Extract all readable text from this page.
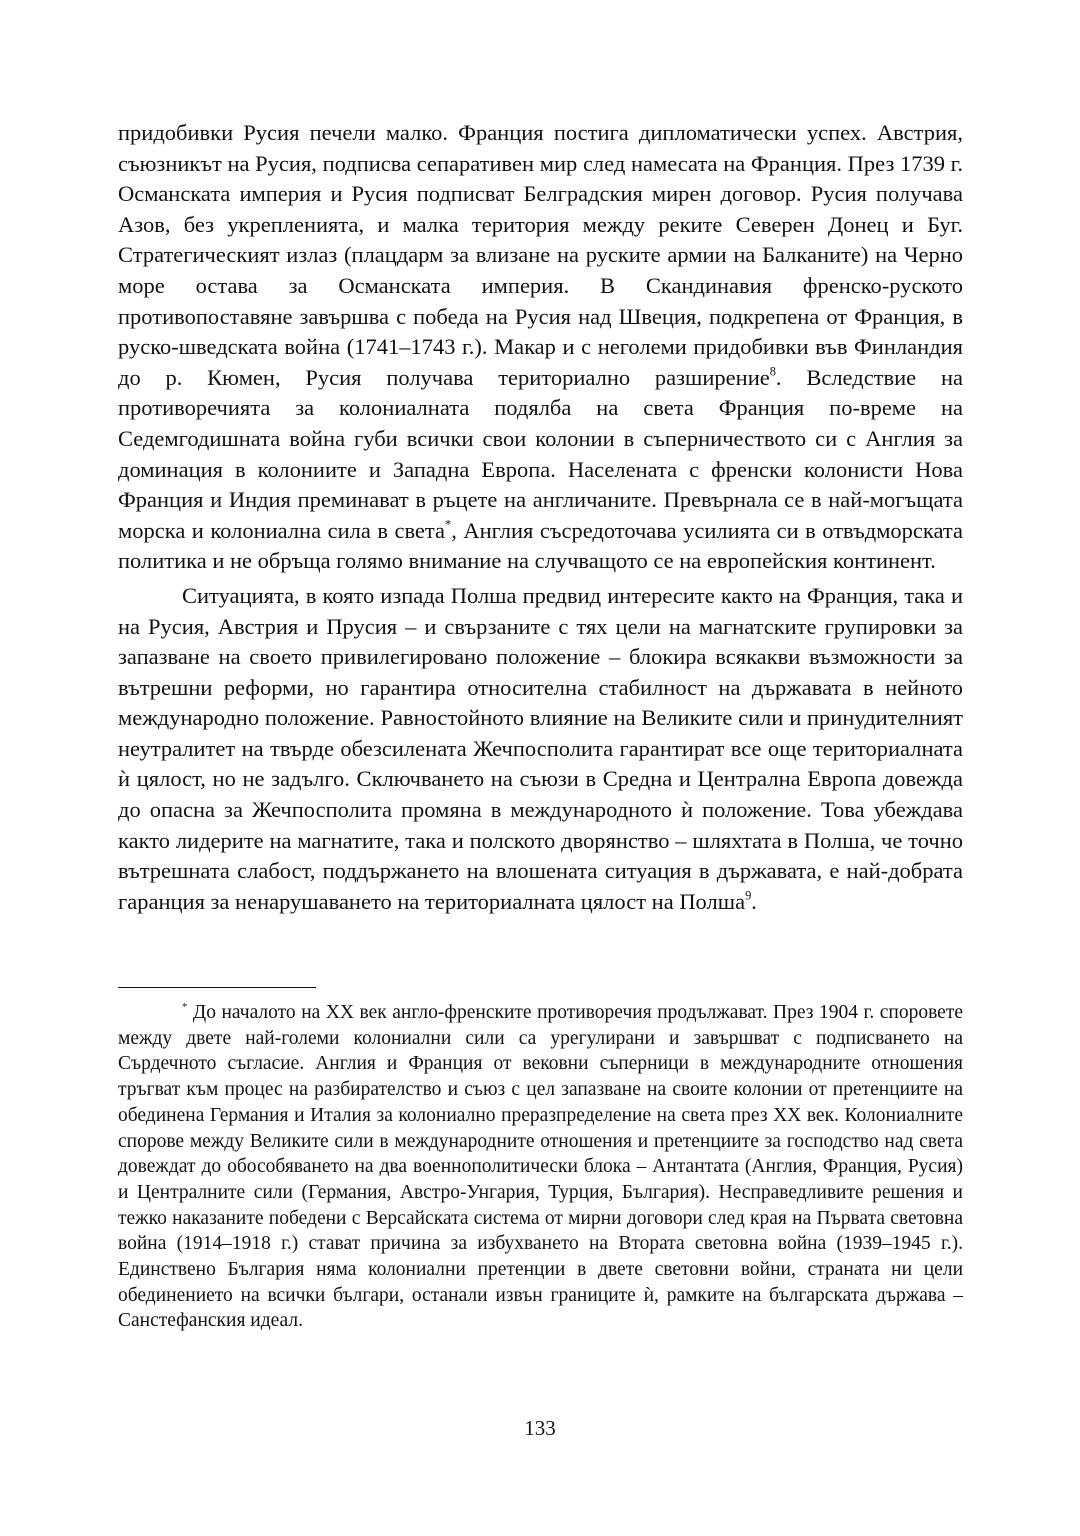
придобивки Русия печели малко. Франция постига дипломатически успех. Австрия, съюзникът на Русия, подписва сепаративен мир след намесата на Франция. През 1739 г. Османската империя и Русия подписват Белградския мирен договор. Русия получава Азов, без укрепленията, и малка територия между реките Северен Донец и Буг. Стратегическият излаз (плацдарм за влизане на руските армии на Балканите) на Черно море остава за Османската империя. В Скандинавия френско-руското противопоставяне завършва с победа на Русия над Швеция, подкрепена от Франция, в руско-шведската война (1741–1743 г.). Макар и с неголеми придобивки във Финландия до р. Кюмен, Русия получава териториално разширение$^8$. Вследствие на противоречията за колониалната подялба на света Франция по-време на Седемгодишната война губи всички свои колонии в съперничеството си с Англия за доминация в колониите и Западна Европа. Населената с френски колонисти Нова Франция и Индия преминават в ръцете на англичаните. Превърнала се в най-могъщата морска и колониална сила в света*, Англия съсредоточава усилията си в отвъдморската политика и не обръща голямо внимание на случващото се на европейския континент.

Ситуацията, в която изпада Полша предвид интересите както на Франция, така и на Русия, Австрия и Прусия – и свързаните с тях цели на магнатските групировки за запазване на своето привилегировано положение – блокира всякакви възможности за вътрешни реформи, но гарантира относителна стабилност на държавата в нейното международно положение. Равностойното влияние на Великите сили и принудителният неутралитет на твърде обезсилената Жечпосполита гарантират все още териториалната ѝ цялост, но не задълго. Сключването на съюзи в Средна и Централна Европа довежда до опасна за Жечпосполита промяна в международното ѝ положение. Това убеждава както лидерите на магнатите, така и полското дворянство – шляхтата в Полша, че точно вътрешната слабост, поддържането на влошената ситуация в държавата, е най-добрата гаранция за ненарушаването на териториалната цялост на Полша$^9$.

* До началото на XX век англо-френските противоречия продължават. През 1904 г. споровете между двете най-големи колониални сили са урегулирани и завършват с подписването на Сърдечното съгласие. Англия и Франция от вековни съперници в международните отношения тръгват към процес на разбирателство и съюз с цел запазване на своите колонии от претенциите на обединена Германия и Италия за колониално преразпределение на света през XX век. Колониалните спорове между Великите сили в международните отношения и претенциите за господство над света довеждат до обособяването на два военнополитически блока – Антантата (Англия, Франция, Русия) и Централните сили (Германия, Австро-Унгария, Турция, България). Несправедливите решения и тежко наказаните победени с Версайската система от мирни договори след края на Първата световна война (1914–1918 г.) стават причина за избухването на Втората световна война (1939–1945 г.). Единствено България няма колониални претенции в двете световни войни, страната ни цели обединението на всички българи, останали извън границите ѝ, рамките на българската държава – Санстефанския идеал.

133
